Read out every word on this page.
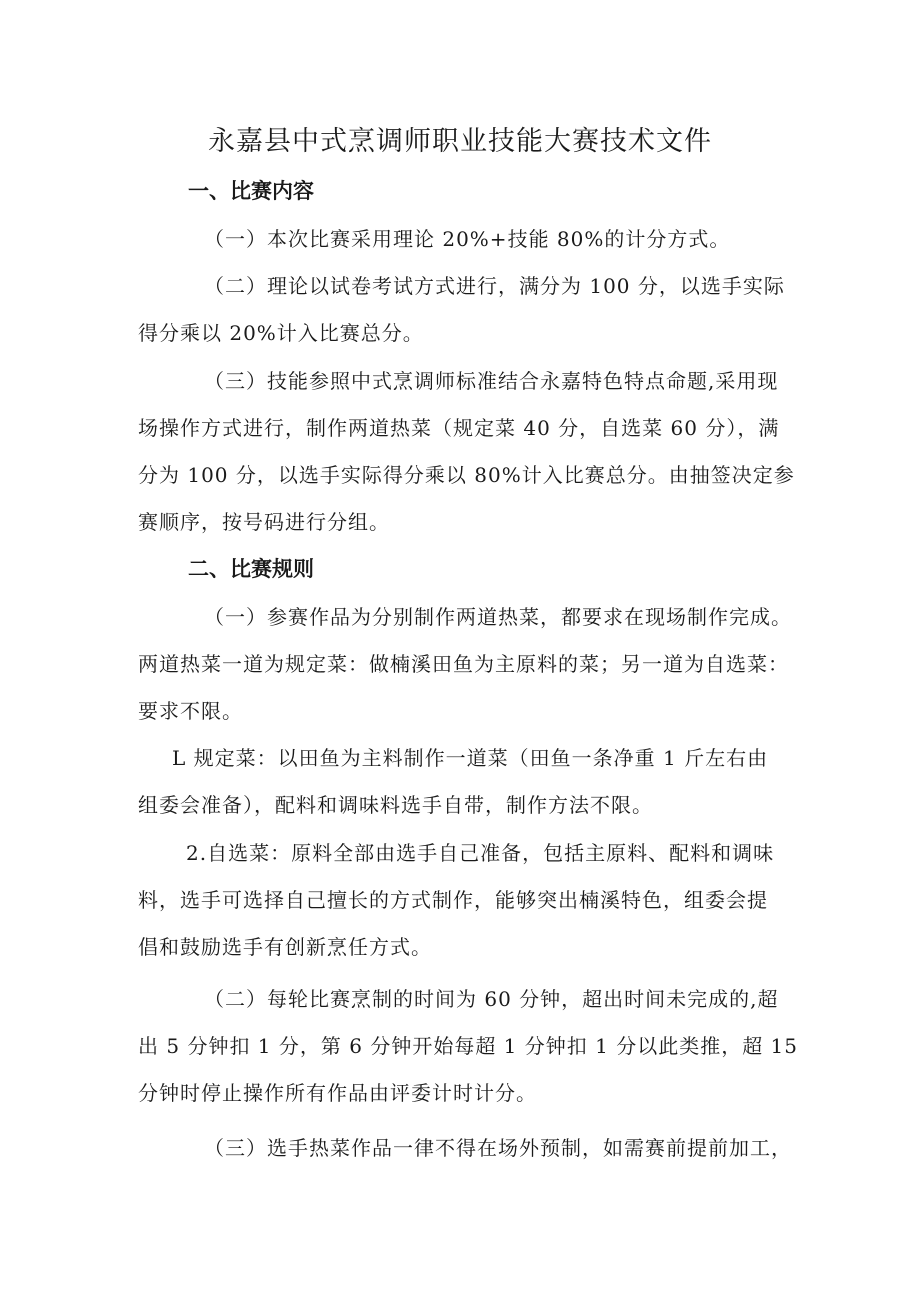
永嘉县中式烹调师职业技能大赛技术文件
一、比赛内容
（一）本次比赛采用理论 20%+技能 80%的计分方式。
（二）理论以试卷考试方式进行，满分为 100 分，以选手实际
得分乘以 20%计入比赛总分。
（三）技能参照中式烹调师标准结合永嘉特色特点命题,采用现
场操作方式进行，制作两道热菜（规定菜 40 分，自选菜 60 分），满
分为 100 分，以选手实际得分乘以 80%计入比赛总分。由抽签决定参
赛顺序，按号码进行分组。
二、比赛规则
（一）参赛作品为分别制作两道热菜，都要求在现场制作完成。
两道热菜一道为规定菜：做楠溪田鱼为主原料的菜；另一道为自选菜：
要求不限。
L 规定菜：以田鱼为主料制作一道菜（田鱼一条净重 1 斤左右由
组委会准备），配料和调味料选手自带，制作方法不限。
2.自选菜：原料全部由选手自己准备，包括主原料、配料和调味
料，选手可选择自己擅长的方式制作，能够突出楠溪特色，组委会提
倡和鼓励选手有创新烹任方式。
（二）每轮比赛烹制的时间为 60 分钟，超出时间未完成的,超
出 5 分钟扣 1 分，第 6 分钟开始每超 1 分钟扣 1 分以此类推，超 15
分钟时停止操作所有作品由评委计时计分。
（三）选手热菜作品一律不得在场外预制，如需赛前提前加工，
